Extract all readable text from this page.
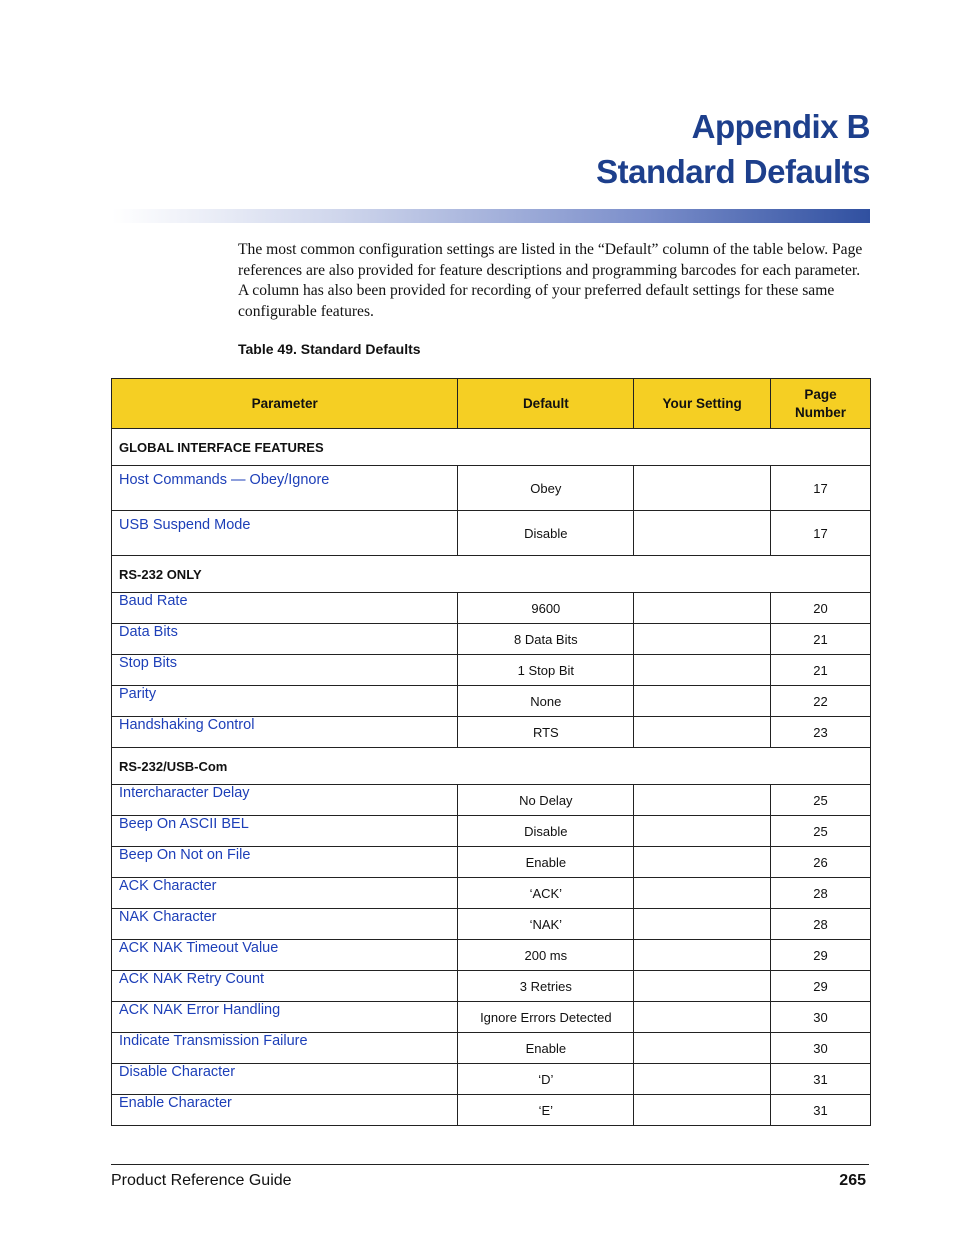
Appendix B
Standard Defaults

The most common configuration settings are listed in the “Default” column of the table below. Page references are also provided for feature descriptions and programming barcodes for each parameter. A column has also been provided for recording of your preferred default settings for these same configurable features.

Table 49. Standard Defaults

Parameter	Default	Your Setting	Page Number
GLOBAL INTERFACE FEATURES			
Host Commands — Obey/Ignore	Obey		17
USB Suspend Mode	Disable		17
RS-232 ONLY			
Baud Rate	9600		20
Data Bits	8 Data Bits		21
Stop Bits	1 Stop Bit		21
Parity	None		22
Handshaking Control	RTS		23
RS-232/USB-Com			
Intercharacter Delay	No Delay		25
Beep On ASCII BEL	Disable		25
Beep On Not on File	Enable		26
ACK Character	‘ACK’		28
NAK Character	‘NAK’		28
ACK NAK Timeout Value	200 ms		29
ACK NAK Retry Count	3 Retries		29
ACK NAK Error Handling	Ignore Errors Detected		30
Indicate Transmission Failure	Enable		30
Disable Character	‘D’		31
Enable Character	‘E’		31
Product Reference Guide	265
